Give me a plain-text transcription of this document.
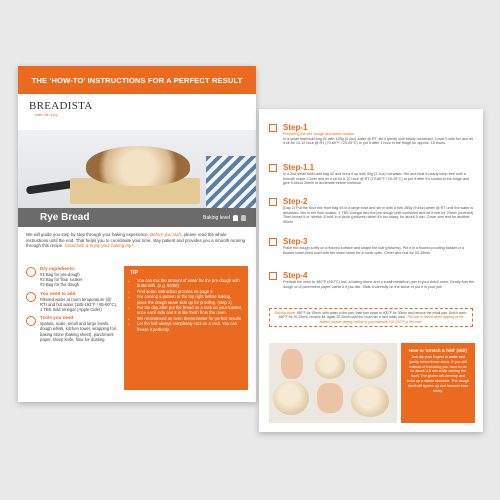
THE ‘HOW-TO’ INSTRUCTIONS FOR A PERFECT RESULT
B READISTA
bake. life. a joy
Rye Bread	Baking level
We will guide you step by step through your baking experience. Before you start, please read the whole instructions until the end. That helps you to coordinate your time, stay patient and provides you a smooth running through this recipe. Good luck & enjoy your baking trip!
Dry ingredients:
#1 Bag for pre-dough
#2 Bag for flour soaker
#3 Bag for the dough
You need to add
Filtered water at room temperature (@ RT) and hot water (185-193°F / 85-90°C), 1 TBS mild Vinegar (Apple Cider)
Tools you need
spatula, scale, small and large bowls, dough whisk, kitchen towel, wrapping foil, baking stone (baking sheet), parchment paper, sharp knife, flour for dusting
TIP
• You can mix the amount of water for the pre-dough with buttermilk. (e.g. 50/50)
• Find some instruction pictures on page 3
• For carving a pattern at the top right before baking, place the dough seam side up for proofing. (step 3)
• For the day after put the bread on a rack on your toaster, once each side and it is like fresh from the oven.
• We recommend an oven thermometer for perfect results
• Let the ball always completely cool on a rack. You can freeze it perfectly.
Step-1
Preparing the pre-dough and water-soaker
In a small bowl add bag #1 with 125g (4.4oz) water @ RT, stir it gently until totally combined. Cover it with foil and let it sit for 10-12 hour @ RT (70-80°F / 20-25°C) or put it after 1 hour in the fridge for approx. 10 hours.
Step-1.1
In a 2nd small bowl add bag #2 and brew it up with 90g (3.2oz) hot water. Stir and beat it nearly lump-free until a smooth mash. Cover and let it sit for 6-10 hour @ RT (70-80°F / 20-25°C) or put it after it's cooled in the fridge and give it about 30min to acclimate before continue.
Step-2
(Day 2) Put the flour mix from bag #3 in a large bowl and stir in with a fork 280g (9.8oz) water @ RT until the water is absorbed. Mix in the flour soaker, 1 TBS Vinegar and the pre-dough until combined and let it rest for 20min (covered). Then knead it or 'stretch & fold' in a circle (pictures) when it's too sticky, for about 5 min. Cover and rest for another 90min.
Step-3
Place the dough softly on a floured surface and shape the loaf (pictures). Put it in a floured proofing basket or a floured towel-lined bowl with the seam down for a rustic optic. Cover and rest for 30-39min.
Step-4
Preheat the oven to 480°F (240°C) incl. a baking stone and a small metal/iron pan in your dutch oven. Gently turn the dough on a parchment paper, carve it if you like. Slide it carefully on the stone or put it in your pot!
Baking stone: 480°F for 15min, with water in the pan; than turn down to 400°F for 30min and remove the small pan. Dutch oven: 480°F for 20-25min, remove lid, again 20-30min until the crust has a nice rustic color. The loaf is baked when tapping at the bottom sounds deeply hollow or you measure 190-210°F in the core.
How to 'stretch & fold' (ski!)
Just dip your fingers in water and gently follow these steps. If you still instead of kneading you have to do for about 4-5 min while circling the bowl. The gluten will develop and build up a stable structure. The dough itself will tighten up and become less sticky.
